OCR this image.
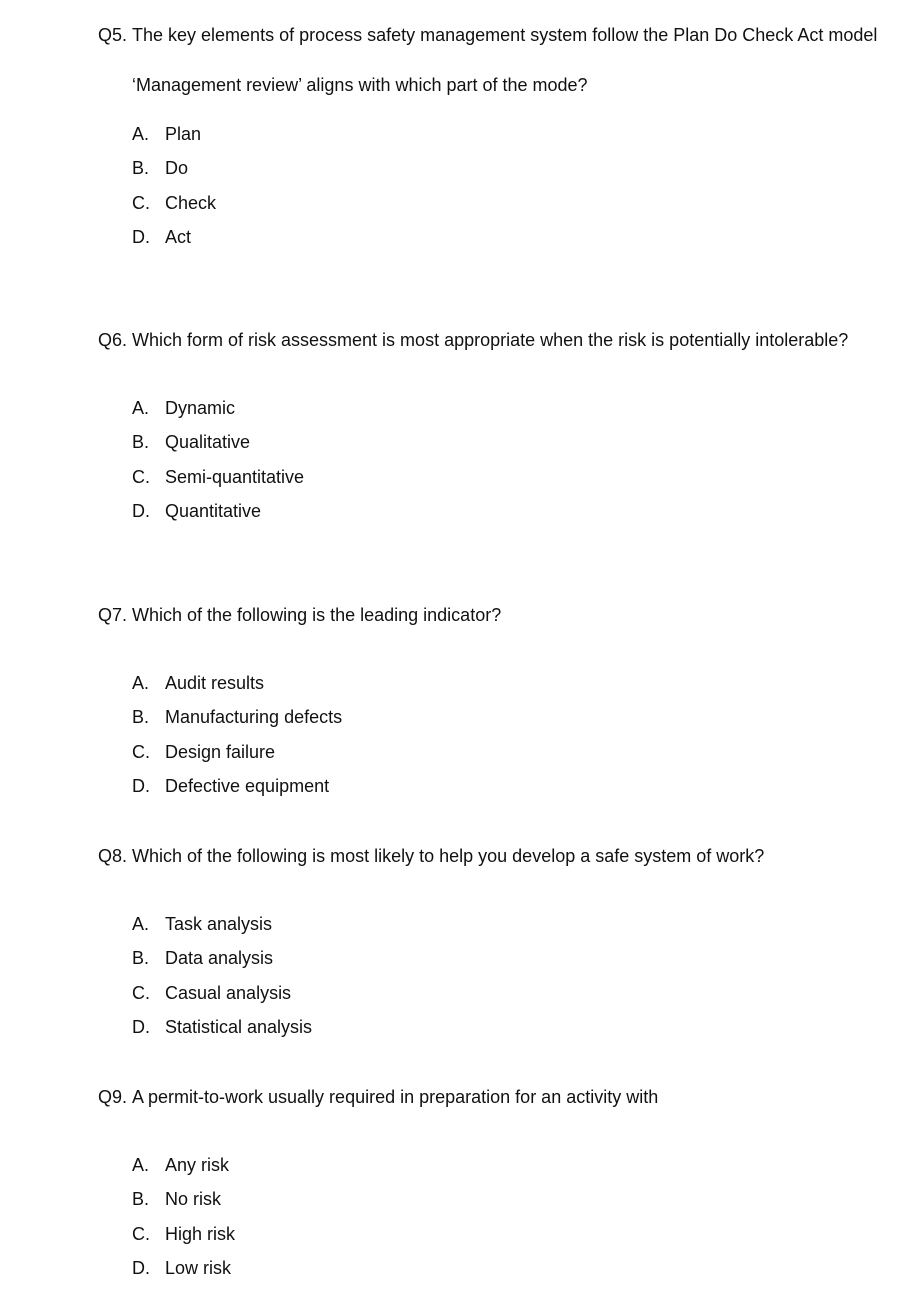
Q5. The key elements of process safety management system follow the Plan Do Check Act model
‘Management review’ aligns with which part of the mode?
A. Plan
B. Do
C. Check
D. Act
Q6. Which form of risk assessment is most appropriate when the risk is potentially intolerable?
A. Dynamic
B. Qualitative
C. Semi-quantitative
D. Quantitative
Q7. Which of the following is the leading indicator?
A. Audit results
B. Manufacturing defects
C. Design failure
D. Defective equipment
Q8. Which of the following is most likely to help you develop a safe system of work?
A. Task analysis
B. Data analysis
C. Casual analysis
D. Statistical analysis
Q9. A permit-to-work usually required in preparation for an activity with
A. Any risk
B. No risk
C. High risk
D. Low risk
